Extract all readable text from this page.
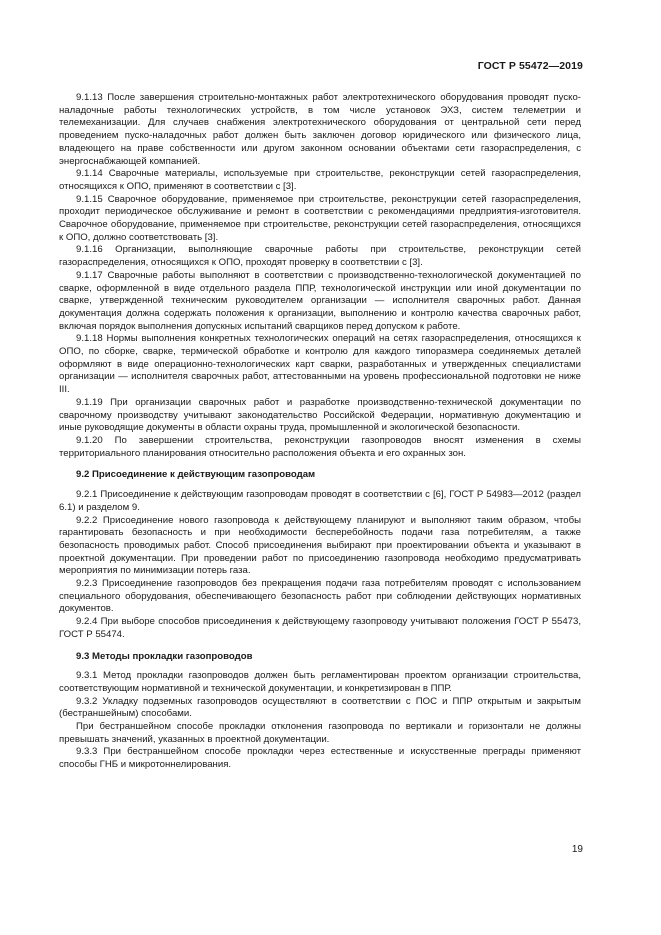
ГОСТ Р 55472—2019

9.1.13 После завершения строительно-монтажных работ электротехнического оборудования проводят пуско-наладочные работы технологических устройств, в том числе установок ЭХЗ, систем телеметрии и телемеханизации. Для случаев снабжения электротехнического оборудования от центральной сети перед проведением пуско-наладочных работ должен быть заключен договор юридического или физического лица, владеющего на праве собственности или другом законном основании объектами сети газораспределения, с энергоснабжающей компанией.

9.1.14 Сварочные материалы, используемые при строительстве, реконструкции сетей газораспределения, относящихся к ОПО, применяют в соответствии с [3].

9.1.15 Сварочное оборудование, применяемое при строительстве, реконструкции сетей газораспределения, проходит периодическое обслуживание и ремонт в соответствии с рекомендациями предприятия-изготовителя. Сварочное оборудование, применяемое при строительстве, реконструкции сетей газораспределения, относящихся к ОПО, должно соответствовать [3].

9.1.16 Организации, выполняющие сварочные работы при строительстве, реконструкции сетей газораспределения, относящихся к ОПО, проходят проверку в соответствии с [3].

9.1.17 Сварочные работы выполняют в соответствии с производственно-технологической документацией по сварке, оформленной в виде отдельного раздела ППР, технологической инструкции или иной документации по сварке, утвержденной техническим руководителем организации — исполнителя сварочных работ. Данная документация должна содержать положения к организации, выполнению и контролю качества сварочных работ, включая порядок выполнения допускных испытаний сварщиков перед допуском к работе.

9.1.18 Нормы выполнения конкретных технологических операций на сетях газораспределения, относящихся к ОПО, по сборке, сварке, термической обработке и контролю для каждого типоразмера соединяемых деталей оформляют в виде операционно-технологических карт сварки, разработанных и утвержденных специалистами организации — исполнителя сварочных работ, аттестованными на уровень профессиональной подготовки не ниже III.

9.1.19 При организации сварочных работ и разработке производственно-технической документации по сварочному производству учитывают законодательство Российской Федерации, нормативную документацию и иные руководящие документы в области охраны труда, промышленной и экологической безопасности.

9.1.20 По завершении строительства, реконструкции газопроводов вносят изменения в схемы территориального планирования относительно расположения объекта и его охранных зон.

9.2 Присоединение к действующим газопроводам

9.2.1 Присоединение к действующим газопроводам проводят в соответствии с [6], ГОСТ Р 54983—2012 (раздел 6.1) и разделом 9.

9.2.2 Присоединение нового газопровода к действующему планируют и выполняют таким образом, чтобы гарантировать безопасность и при необходимости бесперебойность подачи газа потребителям, а также безопасность проводимых работ. Способ присоединения выбирают при проектировании объекта и указывают в проектной документации. При проведении работ по присоединению газопровода необходимо предусматривать мероприятия по минимизации потерь газа.

9.2.3 Присоединение газопроводов без прекращения подачи газа потребителям проводят с использованием специального оборудования, обеспечивающего безопасность работ при соблюдении действующих нормативных документов.

9.2.4 При выборе способов присоединения к действующему газопроводу учитывают положения ГОСТ Р 55473, ГОСТ Р 55474.

9.3 Методы прокладки газопроводов

9.3.1 Метод прокладки газопроводов должен быть регламентирован проектом организации строительства, соответствующим нормативной и технической документации, и конкретизирован в ППР.

9.3.2 Укладку подземных газопроводов осуществляют в соответствии с ПОС и ППР открытым и закрытым (бестраншейным) способами.

При бестраншейном способе прокладки отклонения газопровода по вертикали и горизонтали не должны превышать значений, указанных в проектной документации.

9.3.3 При бестраншейном способе прокладки через естественные и искусственные преграды применяют способы ГНБ и микротоннелирования.

19
